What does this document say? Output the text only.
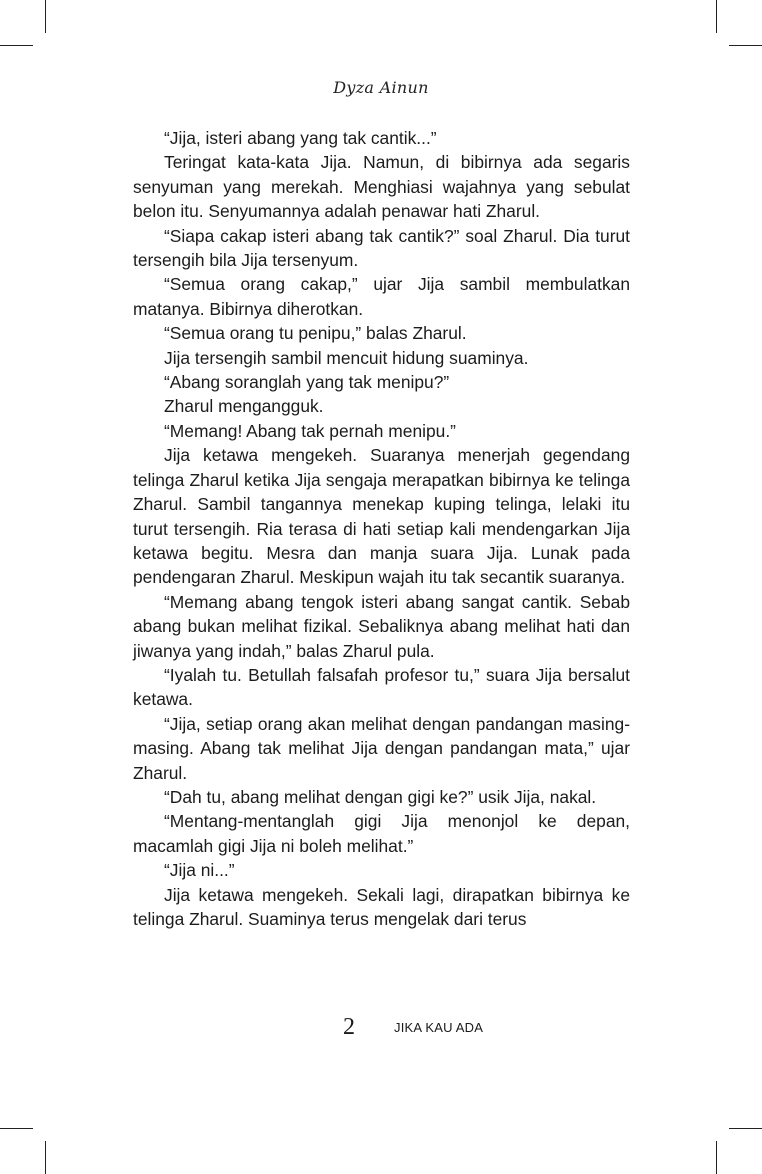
Dyza Ainun

“Jija, isteri abang yang tak cantik...”

Teringat kata-kata Jija. Namun, di bibirnya ada segaris senyuman yang merekah. Menghiasi wajahnya yang sebulat belon itu. Senyumannya adalah penawar hati Zharul.

“Siapa cakap isteri abang tak cantik?” soal Zharul. Dia turut tersengih bila Jija tersenyum.

“Semua orang cakap,” ujar Jija sambil membulatkan matanya. Bibirnya diherotkan.

“Semua orang tu penipu,” balas Zharul.

Jija tersengih sambil mencuit hidung suaminya.

“Abang soranglah yang tak menipu?”

Zharul mengangguk.

“Memang! Abang tak pernah menipu.”

Jija ketawa mengekeh. Suaranya menerjah gegendang telinga Zharul ketika Jija sengaja merapatkan bibirnya ke telinga Zharul. Sambil tangannya menekap kuping telinga, lelaki itu turut tersengih. Ria terasa di hati setiap kali mendengarkan Jija ketawa begitu. Mesra dan manja suara Jija. Lunak pada pendengaran Zharul. Meskipun wajah itu tak secantik suaranya.

“Memang abang tengok isteri abang sangat cantik. Sebab abang bukan melihat fizikal. Sebaliknya abang melihat hati dan jiwanya yang indah,” balas Zharul pula.

“Iyalah tu. Betullah falsafah profesor tu,” suara Jija bersalut ketawa.

“Jija, setiap orang akan melihat dengan pandangan masing-masing. Abang tak melihat Jija dengan pandangan mata,” ujar Zharul.

“Dah tu, abang melihat dengan gigi ke?” usik Jija, nakal.

“Mentang-mentanglah gigi Jija menonjol ke depan, macamlah gigi Jija ni boleh melihat.”

“Jija ni...”

Jija ketawa mengekeh. Sekali lagi, dirapatkan bibirnya ke telinga Zharul. Suaminya terus mengelak dari terus

2	JIKA KAU ADA
